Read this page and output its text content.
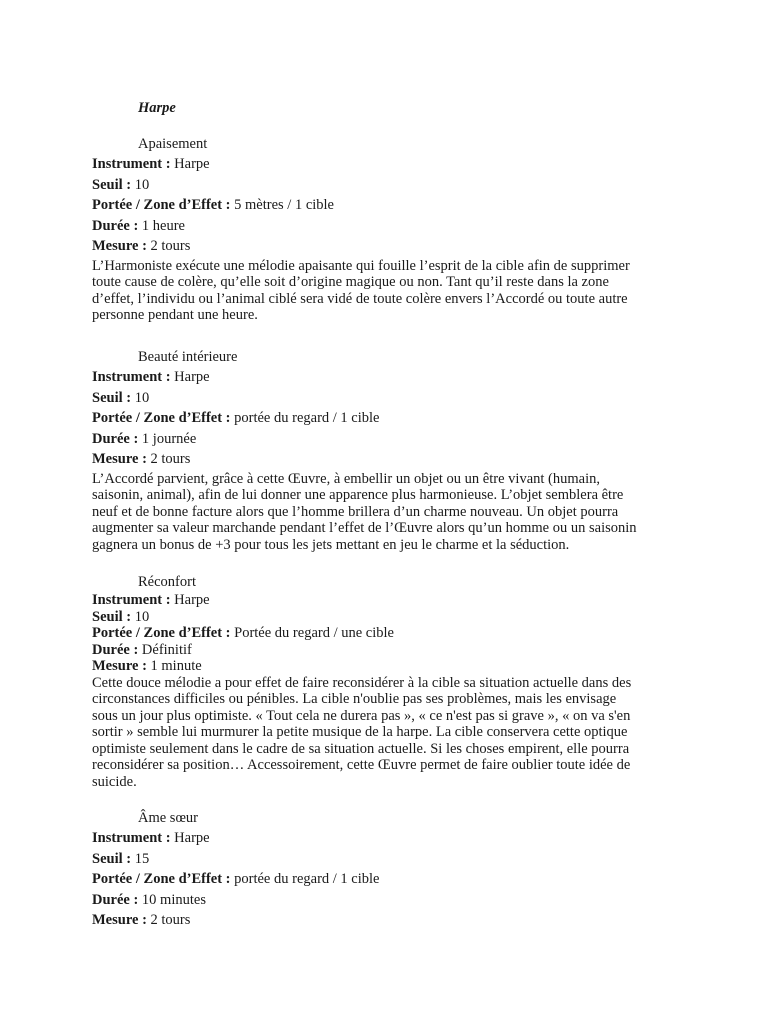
Harpe
Apaisement
Instrument : Harpe
Seuil : 10
Portée / Zone d’Effet : 5 mètres / 1 cible
Durée : 1 heure
Mesure : 2 tours
L’Harmoniste exécute une mélodie apaisante qui fouille l’esprit de la cible afin de supprimer
toute cause de colère, qu’elle soit d’origine magique ou non. Tant qu’il reste dans la zone
d’effet, l’individu ou l’animal ciblé sera vidé de toute colère envers l’Accordé ou toute autre
personne pendant une heure.
Beauté intérieure
Instrument : Harpe
Seuil : 10
Portée / Zone d’Effet : portée du regard / 1 cible
Durée : 1 journée
Mesure : 2 tours
L’Accordé parvient, grâce à cette Œuvre, à embellir un objet ou un être vivant (humain,
saisonin, animal), afin de lui donner une apparence plus harmonieuse. L’objet semblera être
neuf et de bonne facture alors que l’homme brillera d’un charme nouveau. Un objet pourra
augmenter sa valeur marchande pendant l’effet de l’Œuvre alors qu’un homme ou un saisonin
gagnera un bonus de +3 pour tous les jets mettant en jeu le charme et la séduction.
Réconfort
Instrument : Harpe
Seuil : 10
Portée / Zone d’Effet : Portée du regard / une cible
Durée : Définitif
Mesure : 1 minute
Cette douce mélodie a pour effet de faire reconsidérer à la cible sa situation actuelle dans des
circonstances difficiles ou pénibles. La cible n'oublie pas ses problèmes, mais les envisage
sous un jour plus optimiste. « Tout cela ne durera pas », « ce n'est pas si grave », « on va s'en
sortir » semble lui murmurer la petite musique de la harpe. La cible conservera cette optique
optimiste seulement dans le cadre de sa situation actuelle. Si les choses empirent, elle pourra
reconsidérer sa position… Accessoirement, cette Œuvre permet de faire oublier toute idée de
suicide.
Âme sœur
Instrument : Harpe
Seuil : 15
Portée / Zone d’Effet : portée du regard / 1 cible
Durée : 10 minutes
Mesure : 2 tours
